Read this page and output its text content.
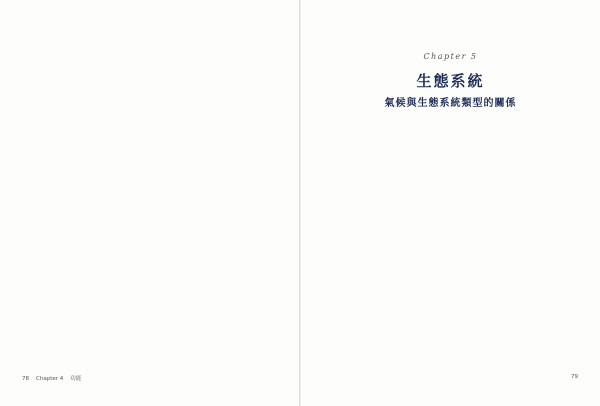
78 Chapter 4 功能
Chapter 5
生態系統
氣候與生態系統類型的關係

79
